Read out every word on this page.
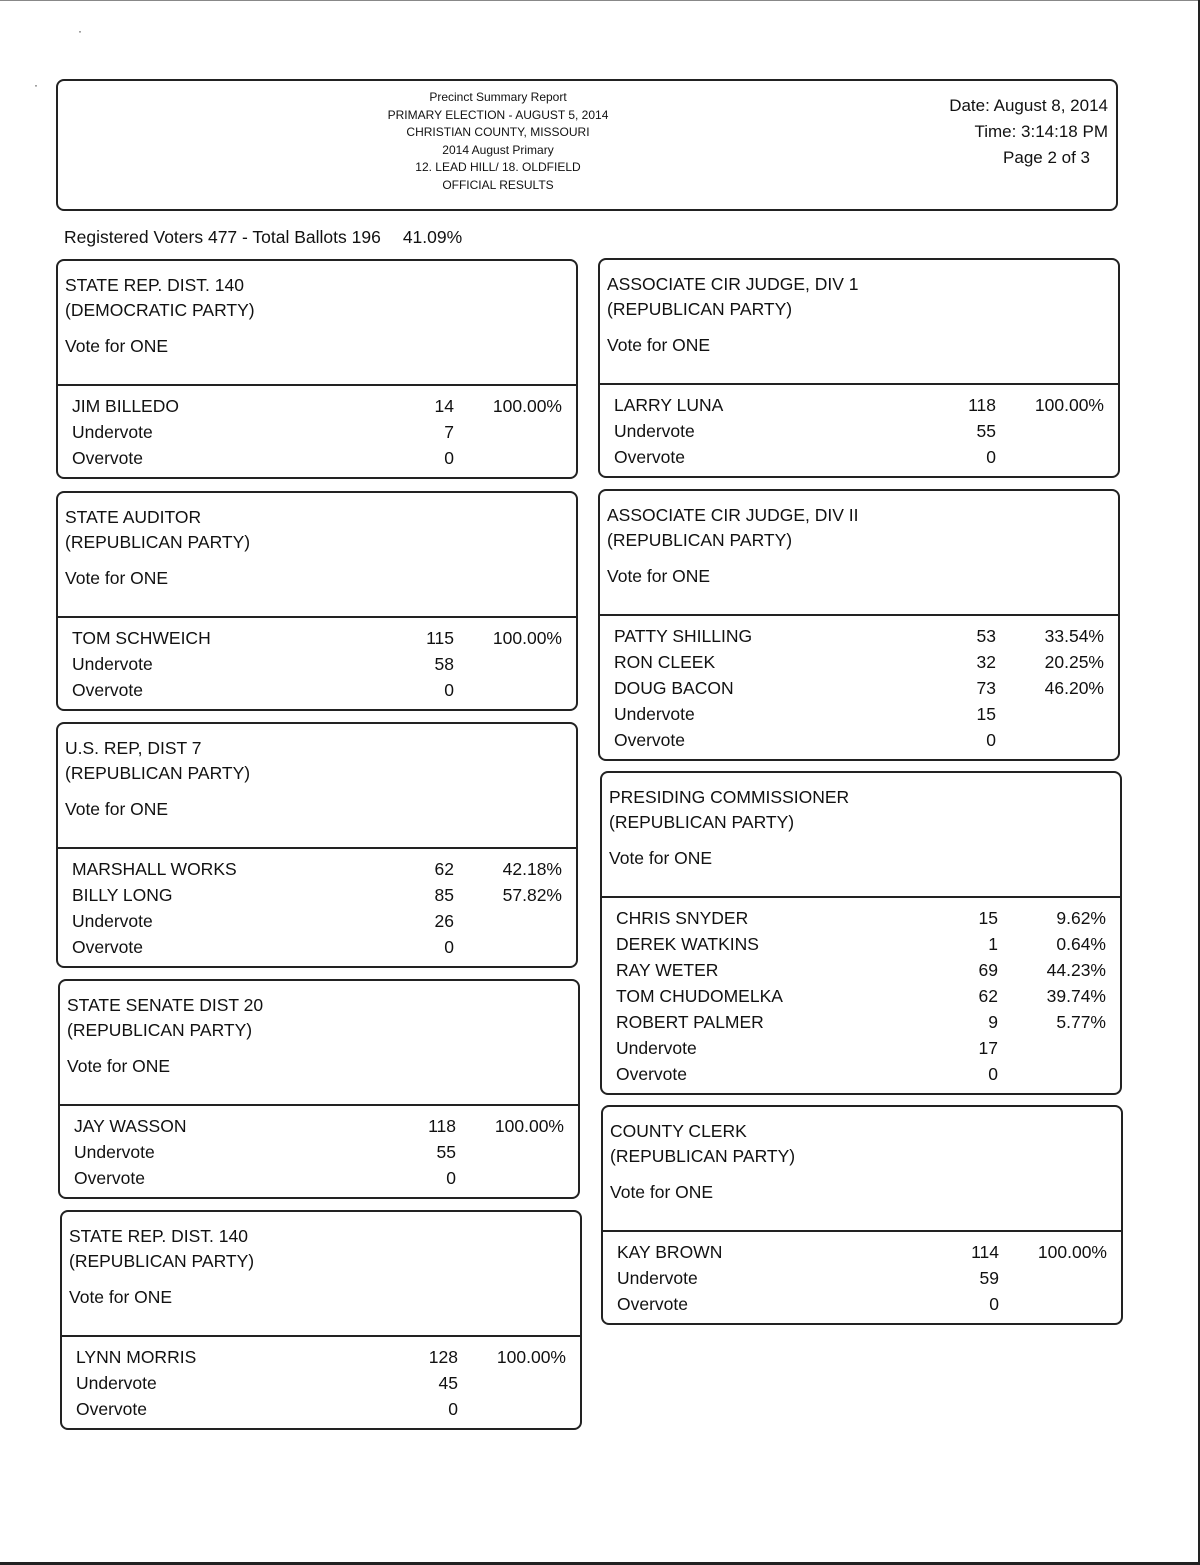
Precinct Summary Report
PRIMARY ELECTION - AUGUST 5, 2014
CHRISTIAN COUNTY, MISSOURI
2014 August Primary
12. LEAD HILL/ 18. OLDFIELD
OFFICIAL RESULTS
Date: August 8, 2014
Time: 3:14:18 PM
Page 2 of 3
Registered Voters 477 - Total Ballots 196 41.09%
STATE REP. DIST. 140
(DEMOCRATIC PARTY)
Vote for ONE
JIM BILLEDO	14 100.00%
Undervote	7
Overvote	0
STATE AUDITOR
(REPUBLICAN PARTY)
Vote for ONE
TOM SCHWEICH	115 100.00%
Undervote	58
Overvote	0
U.S. REP, DIST 7
(REPUBLICAN PARTY)
Vote for ONE
MARSHALL WORKS	62	42.18%
BILLY LONG	85	57.82%
Undervote	26
Overvote	0
STATE SENATE DIST 20
(REPUBLICAN PARTY)
Vote for ONE
JAY WASSON	118 100.00%
Undervote	55
Overvote	0
STATE REP. DIST. 140
(REPUBLICAN PARTY)
Vote for ONE
LYNN MORRIS	128 100.00%
Undervote	45
Overvote	0
ASSOCIATE CIR JUDGE, DIV 1
(REPUBLICAN PARTY)
Vote for ONE
LARRY LUNA	118 100.00%
Undervote	55
Overvote	0
ASSOCIATE CIR JUDGE, DIV II
(REPUBLICAN PARTY)
Vote for ONE
PATTY SHILLING	53	33.54%
RON CLEEK	32	20.25%
DOUG BACON	73	46.20%
Undervote	15
Overvote	0
PRESIDING COMMISSIONER
(REPUBLICAN PARTY)
Vote for ONE
CHRIS SNYDER	15	9.62%
DEREK WATKINS	1	0.64%
RAY WETER	69	44.23%
TOM CHUDOMELKA	62	39.74%
ROBERT PALMER	9	5.77%
Undervote	17
Overvote	0
COUNTY CLERK
(REPUBLICAN PARTY)
Vote for ONE
KAY BROWN	114 100.00%
Undervote	59
Overvote	0
·
·
